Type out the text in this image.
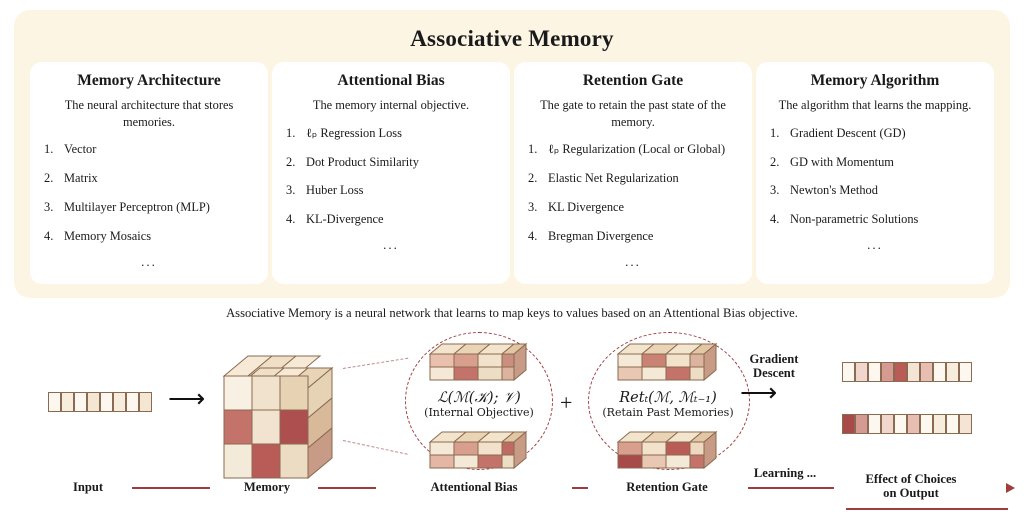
Associative Memory
Memory Architecture
The neural architecture that stores memories.
1. Vector
2. Matrix
3. Multilayer Perceptron (MLP)
4. Memory Mosaics
...
Attentional Bias
The memory internal objective.
1. ℓₚ Regression Loss
2. Dot Product Similarity
3. Huber Loss
4. KL-Divergence
...
Retention Gate
The gate to retain the past state of the memory.
1. ℓₚ Regularization (Local or Global)
2. Elastic Net Regularization
3. KL Divergence
4. Bregman Divergence
...
Memory Algorithm
The algorithm that learns the mapping.
1. Gradient Descent (GD)
2. GD with Momentum
3. Newton's Method
4. Non-parametric Solutions
...
Associative Memory is a neural network that learns to map keys to values based on an Attentional Bias objective.
⟶	ℒ(ℳ(𝒦); 𝒱)
(Internal Objective)	+	Retₜ(ℳ, ℳₜ₋₁)
(Retain Past Memories)
Gradient Descent
⟶
Input	Memory	Attentional Bias	Retention Gate
Learning ...	Effect of Choices
on Output
